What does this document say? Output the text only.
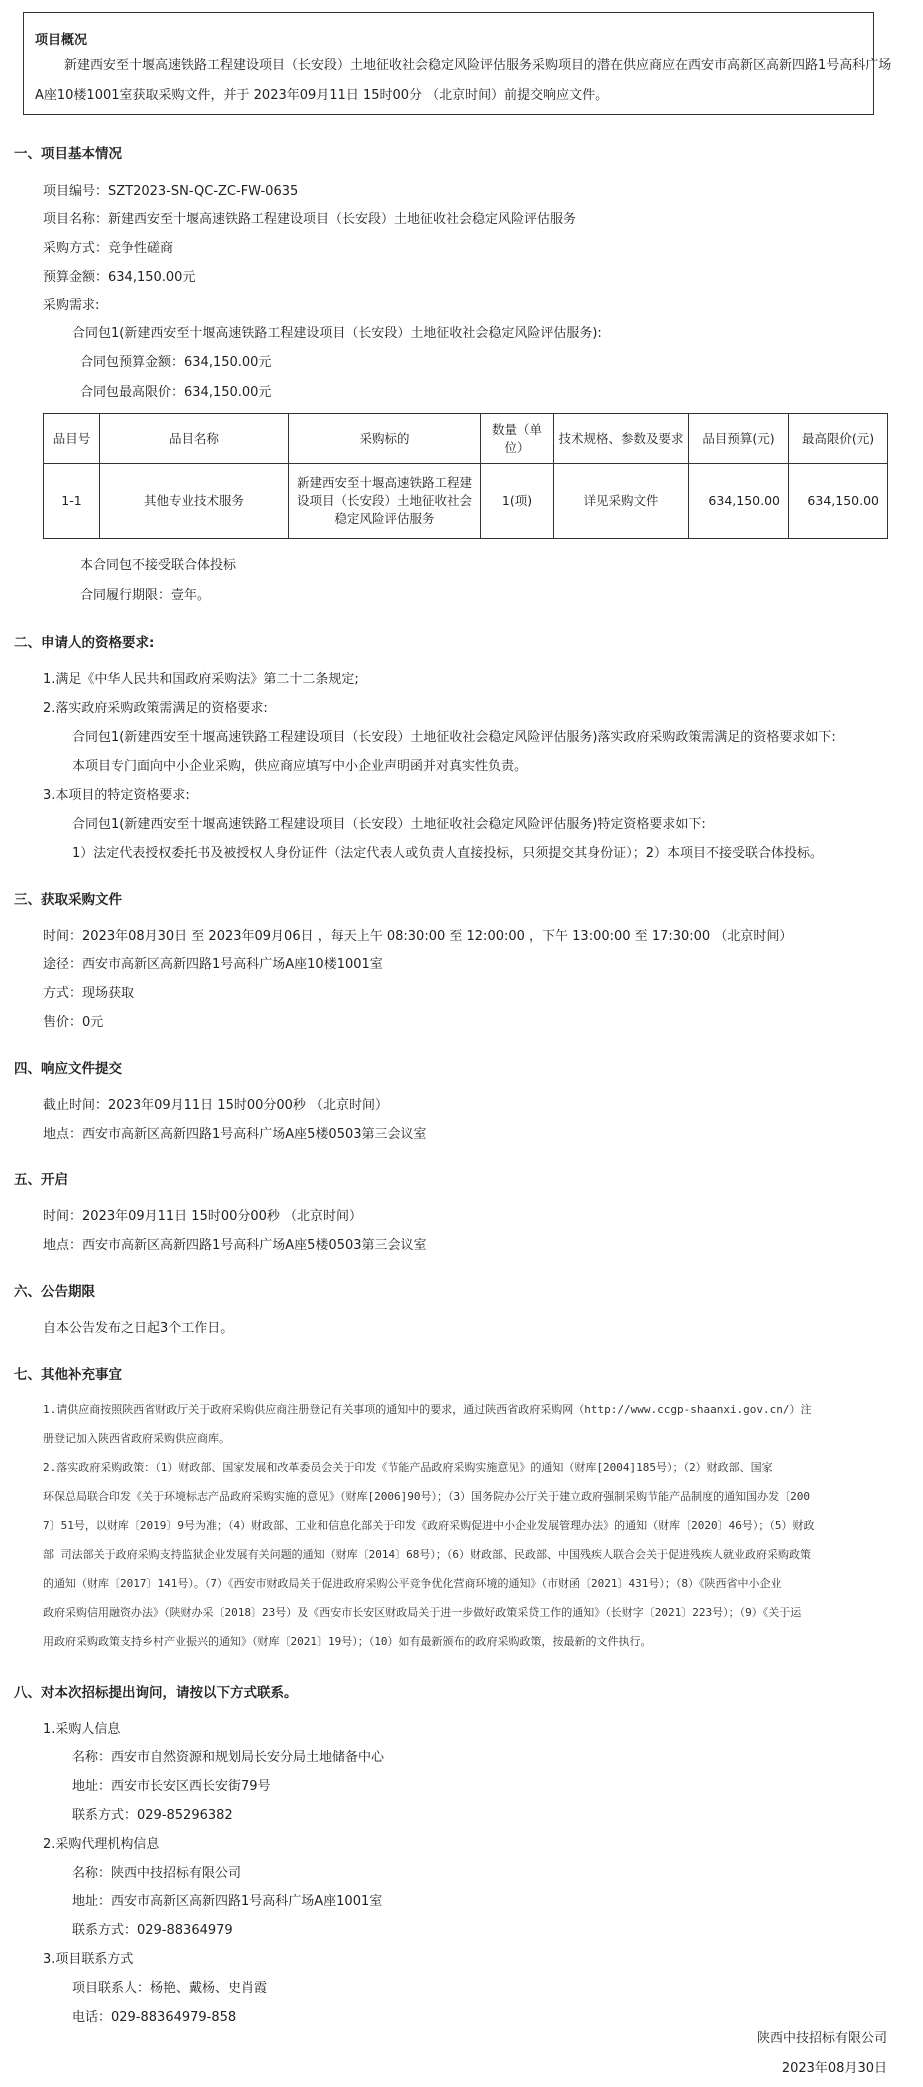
项目概况
新建西安至十堰高速铁路工程建设项目（长安段）土地征收社会稳定风险评估服务采购项目的潜在供应商应在西安市高新区高新四路1号高科广场
A座10楼1001室获取采购文件，并于 2023年09月11日 15时00分 （北京时间）前提交响应文件。
一、项目基本情况
项目编号：SZT2023-SN-QC-ZC-FW-0635
项目名称：新建西安至十堰高速铁路工程建设项目（长安段）土地征收社会稳定风险评估服务
采购方式：竞争性磋商
预算金额：634,150.00元
采购需求:
合同包1(新建西安至十堰高速铁路工程建设项目（长安段）土地征收社会稳定风险评估服务):
合同包预算金额：634,150.00元
合同包最高限价：634,150.00元
品目号	品目名称	采购标的	数量（单位）	技术规格、参数及要求	品目预算(元)	最高限价(元)
1-1	其他专业技术服务	新建西安至十堰高速铁路工程建设项目（长安段）土地征收社会稳定风险评估服务	1(项)	详见采购文件	634,150.00	634,150.00
本合同包不接受联合体投标
合同履行期限：壹年。
二、申请人的资格要求:
1.满足《中华人民共和国政府采购法》第二十二条规定;
2.落实政府采购政策需满足的资格要求:
合同包1(新建西安至十堰高速铁路工程建设项目（长安段）土地征收社会稳定风险评估服务)落实政府采购政策需满足的资格要求如下:
本项目专门面向中小企业采购，供应商应填写中小企业声明函并对真实性负责。
3.本项目的特定资格要求:
合同包1(新建西安至十堰高速铁路工程建设项目（长安段）土地征收社会稳定风险评估服务)特定资格要求如下:
1）法定代表授权委托书及被授权人身份证件（法定代表人或负责人直接投标，只须提交其身份证）；2）本项目不接受联合体投标。
三、获取采购文件
时间：2023年08月30日 至 2023年09月06日 ，每天上午 08:30:00 至 12:00:00 ，下午 13:00:00 至 17:30:00 （北京时间）
途径：西安市高新区高新四路1号高科广场A座10楼1001室
方式：现场获取
售价：0元
四、响应文件提交
截止时间：2023年09月11日 15时00分00秒 （北京时间）
地点：西安市高新区高新四路1号高科广场A座5楼0503第三会议室
五、开启
时间：2023年09月11日 15时00分00秒 （北京时间）
地点：西安市高新区高新四路1号高科广场A座5楼0503第三会议室
六、公告期限
自本公告发布之日起3个工作日。
七、其他补充事宜
1.请供应商按照陕西省财政厅关于政府采购供应商注册登记有关事项的通知中的要求，通过陕西省政府采购网（http://www.ccgp-shaanxi.gov.cn/）注
册登记加入陕西省政府采购供应商库。
2.落实政府采购政策：（1）财政部、国家发展和改革委员会关于印发《节能产品政府采购实施意见》的通知（财库[2004]185号）；（2）财政部、国家
环保总局联合印发《关于环境标志产品政府采购实施的意见》（财库[2006]90号）；（3）国务院办公厅关于建立政府强制采购节能产品制度的通知国办发〔200
7〕51号，以财库〔2019〕9号为准；（4）财政部、工业和信息化部关于印发《政府采购促进中小企业发展管理办法》的通知（财库〔2020〕46号）；（5）财政
部 司法部关于政府采购支持监狱企业发展有关问题的通知（财库〔2014〕68号）；（6）财政部、民政部、中国残疾人联合会关于促进残疾人就业政府采购政策
的通知（财库〔2017〕141号）。（7）《西安市财政局关于促进政府采购公平竞争优化营商环境的通知》（市财函〔2021〕431号）；（8）《陕西省中小企业
政府采购信用融资办法》（陕财办采〔2018〕23号）及《西安市长安区财政局关于进一步做好政策采贷工作的通知》（长财字〔2021〕223号）；（9）《关于运
用政府采购政策支持乡村产业振兴的通知》（财库〔2021〕19号）；（10）如有最新颁布的政府采购政策，按最新的文件执行。
八、对本次招标提出询问，请按以下方式联系。
1.采购人信息
名称：西安市自然资源和规划局长安分局土地储备中心
地址：西安市长安区西长安街79号
联系方式：029-85296382
2.采购代理机构信息
名称：陕西中技招标有限公司
地址：西安市高新区高新四路1号高科广场A座1001室
联系方式：029-88364979
3.项目联系方式
项目联系人：杨艳、戴杨、史肖霞
电话：029-88364979-858
陕西中技招标有限公司
2023年08月30日
